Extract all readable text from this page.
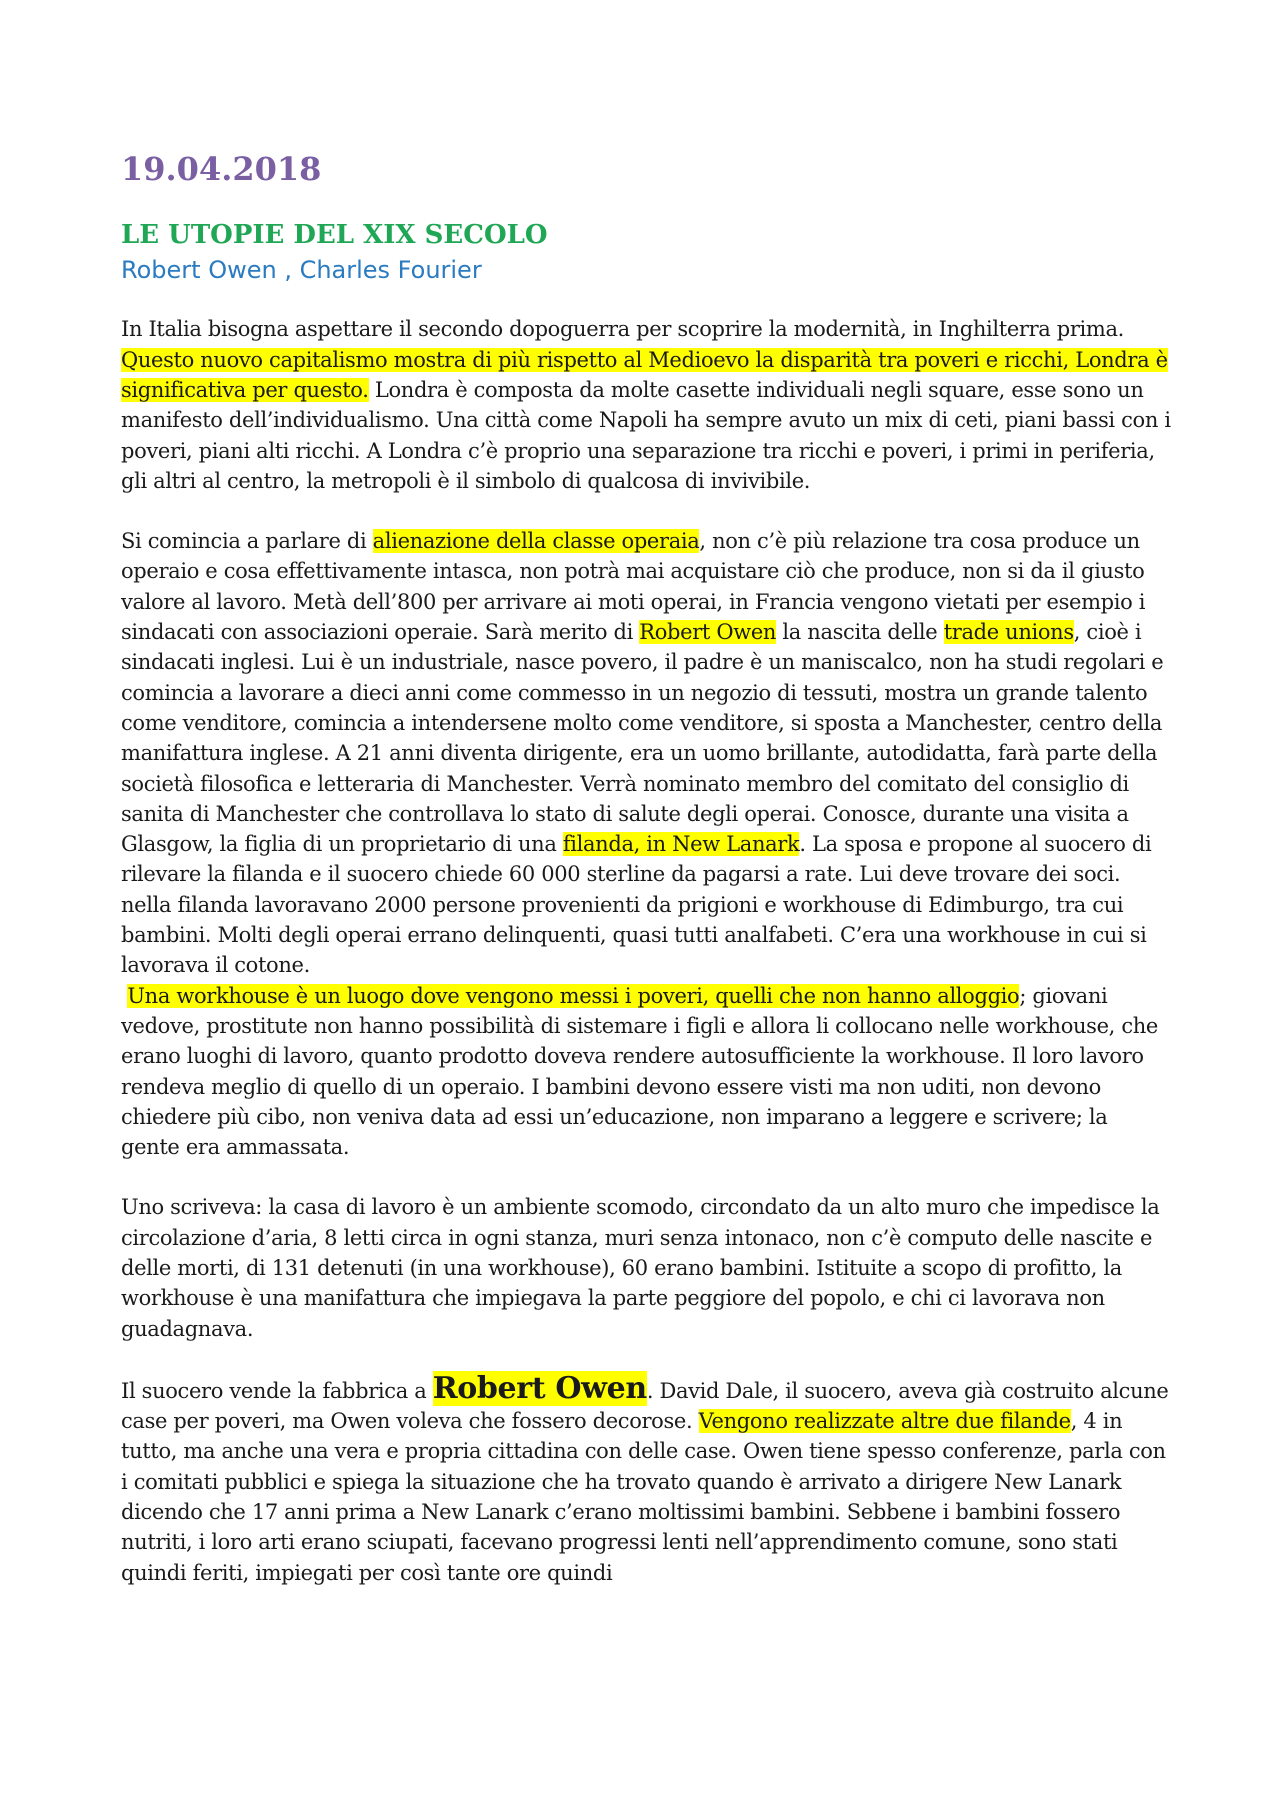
19.04.2018
LE UTOPIE DEL XIX SECOLO
Robert Owen , Charles Fourier

In Italia bisogna aspettare il secondo dopoguerra per scoprire la modernità, in Inghilterra prima. Questo nuovo capitalismo mostra di più rispetto al Medioevo la disparità tra poveri e ricchi, Londra è significativa per questo. Londra è composta da molte casette individuali negli square, esse sono un manifesto dell’individualismo. Una città come Napoli ha sempre avuto un mix di ceti, piani bassi con i poveri, piani alti ricchi. A Londra c’è proprio una separazione tra ricchi e poveri, i primi in periferia, gli altri al centro, la metropoli è il simbolo di qualcosa di invivibile.

Si comincia a parlare di alienazione della classe operaia, non c’è più relazione tra cosa produce un operaio e cosa effettivamente intasca, non potrà mai acquistare ciò che produce, non si da il giusto valore al lavoro. Metà dell’800 per arrivare ai moti operai, in Francia vengono vietati per esempio i sindacati con associazioni operaie. Sarà merito di Robert Owen la nascita delle trade unions, cioè i sindacati inglesi. Lui è un industriale, nasce povero, il padre è un maniscalco, non ha studi regolari e comincia a lavorare a dieci anni come commesso in un negozio di tessuti, mostra un grande talento come venditore, comincia a intendersene molto come venditore, si sposta a Manchester, centro della manifattura inglese. A 21 anni diventa dirigente, era un uomo brillante, autodidatta, farà parte della società filosofica e letteraria di Manchester. Verrà nominato membro del comitato del consiglio di sanita di Manchester che controllava lo stato di salute degli operai. Conosce, durante una visita a Glasgow, la figlia di un proprietario di una filanda, in New Lanark. La sposa e propone al suocero di rilevare la filanda e il suocero chiede 60 000 sterline da pagarsi a rate. Lui deve trovare dei soci. nella filanda lavoravano 2000 persone provenienti da prigioni e workhouse di Edimburgo, tra cui bambini. Molti degli operai errano delinquenti, quasi tutti analfabeti. C’era una workhouse in cui si lavorava il cotone.

Una workhouse è un luogo dove vengono messi i poveri, quelli che non hanno alloggio; giovani vedove, prostitute non hanno possibilità di sistemare i figli e allora li collocano nelle workhouse, che erano luoghi di lavoro, quanto prodotto doveva rendere autosufficiente la workhouse. Il loro lavoro rendeva meglio di quello di un operaio. I bambini devono essere visti ma non uditi, non devono chiedere più cibo, non veniva data ad essi un’educazione, non imparano a leggere e scrivere; la gente era ammassata.

Uno scriveva: la casa di lavoro è un ambiente scomodo, circondato da un alto muro che impedisce la circolazione d’aria, 8 letti circa in ogni stanza, muri senza intonaco, non c’è computo delle nascite e delle morti, di 131 detenuti (in una workhouse), 60 erano bambini. Istituite a scopo di profitto, la workhouse è una manifattura che impiegava la parte peggiore del popolo, e chi ci lavorava non guadagnava.

Il suocero vende la fabbrica a Robert Owen. David Dale, il suocero, aveva già costruito alcune case per poveri, ma Owen voleva che fossero decorose. Vengono realizzate altre due filande, 4 in tutto, ma anche una vera e propria cittadina con delle case. Owen tiene spesso conferenze, parla con i comitati pubblici e spiega la situazione che ha trovato quando è arrivato a dirigere New Lanark dicendo che 17 anni prima a New Lanark c’erano moltissimi bambini. Sebbene i bambini fossero nutriti, i loro arti erano sciupati, facevano progressi lenti nell’apprendimento comune, sono stati quindi feriti, impiegati per così tante ore quindi
